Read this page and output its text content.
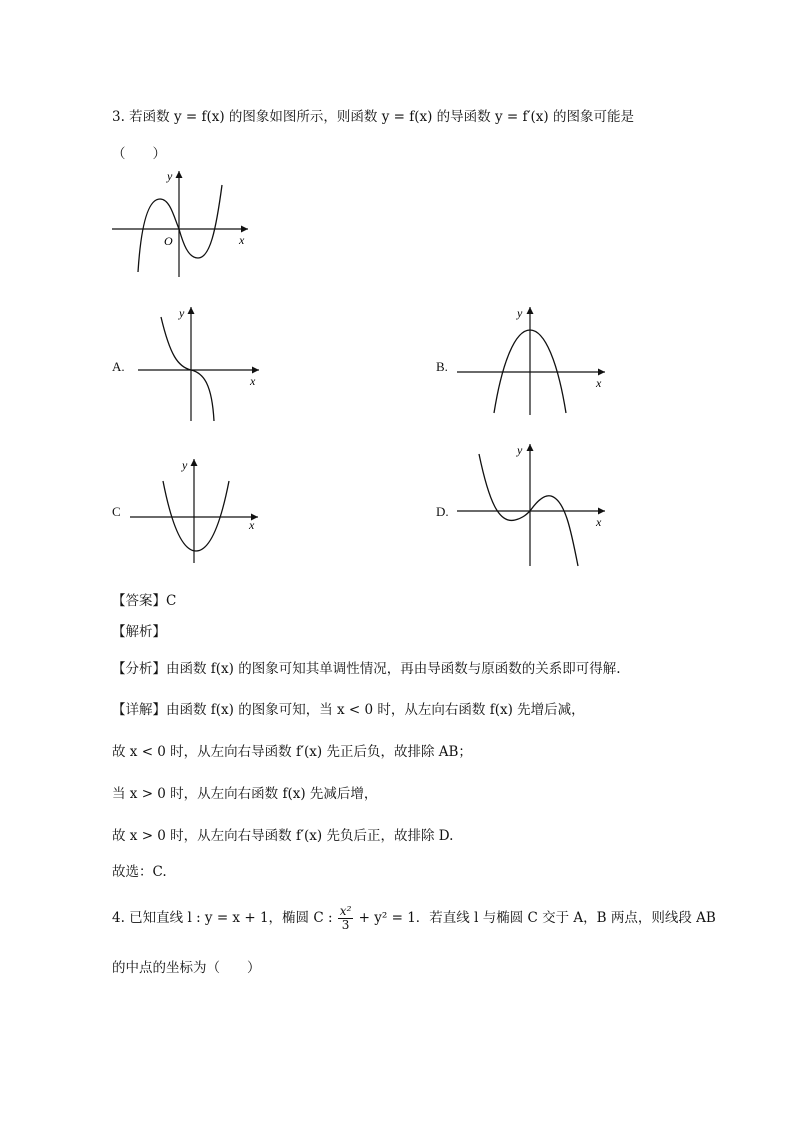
3. 若函数 y = f(x) 的图象如图所示，则函数 y = f(x) 的导函数 y = f′(x) 的图象可能是
（　　）
y
x
O
A.
y
x
B.
y
x
C
y
x
D.
y
x
【答案】C
【解析】
【分析】由函数 f(x) 的图象可知其单调性情况，再由导函数与原函数的关系即可得解.
【详解】由函数 f(x) 的图象可知，当 x < 0 时，从左向右函数 f(x) 先增后减，
故 x < 0 时，从左向右导函数 f′(x) 先正后负，故排除 AB；
当 x > 0 时，从左向右函数 f(x) 先减后增，
故 x > 0 时，从左向右导函数 f′(x) 先负后正，故排除 D.
故选：C.
4. 已知直线 l : y = x + 1，椭圆 C : $\frac{\text{x²}}{3} + y^2 = 1$．若直线 l 与椭圆 C 交于 A，B 两点，则线段 AB
的中点的坐标为（　　）
